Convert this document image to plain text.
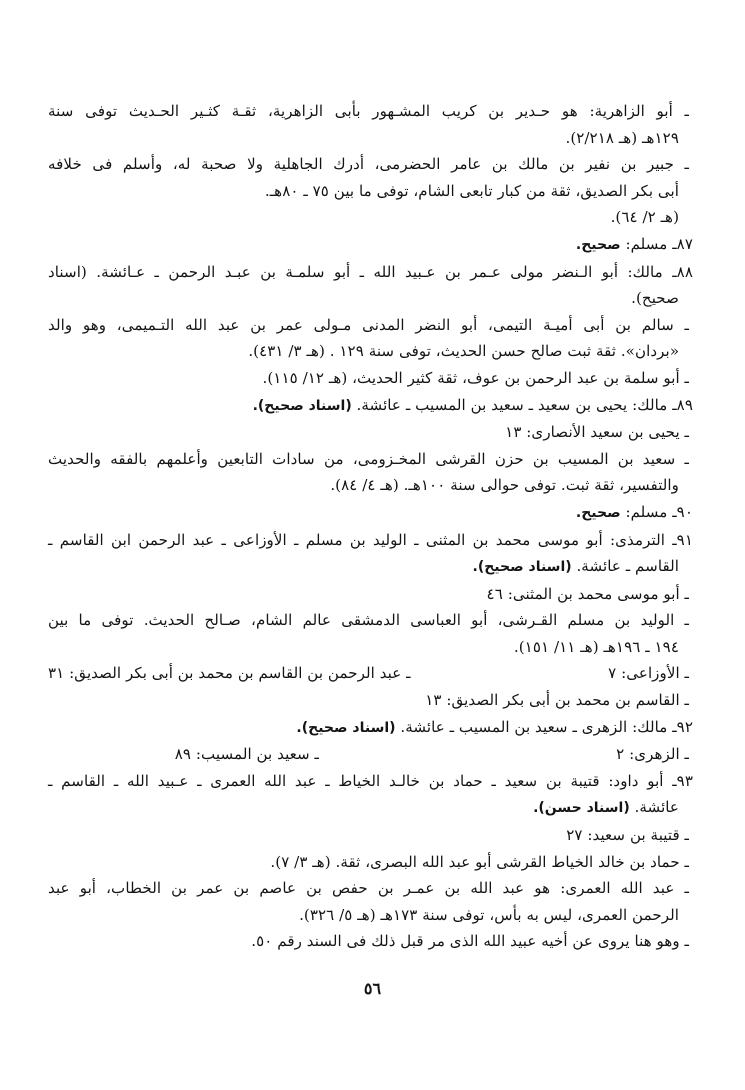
ـ أبو الزاهرية: هو حـدير بن كريب المشـهور بأبى الزاهرية، ثقـة كثـير الحـديث توفى سنة
١٢٩هـ (هـ ٢/٢١٨).
ـ جبير بن نفير بن مالك بن عامر الحضرمى، أدرك الجاهلية ولا صحبة له، وأسلم فى خلافه
أبى بكر الصديق، ثقة من كبار تابعى الشام، توفى ما بين ٧٥ ـ ٨٠هـ.
(هـ ٢/ ٦٤).
٨٧ـ مسلم: صحيح.
٨٨ـ مالك: أبو الـنضر مولى عـمر بن عـبيد الله ـ أبو سلمـة بن عبـد الرحمن ـ عـائشة. (اسناد
صحيح).
ـ سالم بن أبى أميـة التيمى، أبو النضر المدنى مـولى عمر بن عبد الله التـميمى، وهو والد
«بردان». ثقة ثبت صالح حسن الحديث، توفى سنة ١٢٩ . (هـ ٣/ ٤٣١).
ـ أبو سلمة بن عبد الرحمن بن عوف، ثقة كثير الحديث، (هـ ١٢/ ١١٥).
٨٩ـ مالك: يحيى بن سعيد ـ سعيد بن المسيب ـ عائشة. (اسناد صحيح).
ـ يحيى بن سعيد الأنصارى: ١٣
ـ سعيد بن المسيب بن حزن القرشى المخـزومى، من سادات التابعين وأعلمهم بالفقه والحديث
والتفسير، ثقة ثبت. توفى حوالى سنة ١٠٠هـ. (هـ ٤/ ٨٤).
٩٠ـ مسلم: صحيح.
٩١ـ الترمذى: أبو موسى محمد بن المثنى ـ الوليد بن مسلم ـ الأوزاعى ـ عبد الرحمن ابن القاسم ـ
القاسم ـ عائشة. (اسناد صحيح).
ـ أبو موسى محمد بن المثنى: ٤٦
ـ الوليد بن مسلم القـرشى، أبو العباسى الدمشقى عالم الشام، صـالح الحديث. توفى ما بين
١٩٤ ـ ١٩٦هـ (هـ ١١/ ١٥١).
ـ الأوزاعى: ٧
ـ عبد الرحمن بن القاسم بن محمد بن أبى بكر الصديق: ٣١
ـ القاسم بن محمد بن أبى بكر الصديق: ١٣
٩٢ـ مالك: الزهرى ـ سعيد بن المسيب ـ عائشة. (اسناد صحيح).
ـ الزهرى: ٢
ـ سعيد بن المسيب: ٨٩
٩٣ـ أبو داود: قتيبة بن سعيد ـ حماد بن خالـد الخياط ـ عبد الله العمرى ـ عـبيد الله ـ القاسم ـ
عائشة. (اسناد حسن).
ـ قتيبة بن سعيد: ٢٧
ـ حماد بن خالد الخياط القرشى أبو عبد الله البصرى، ثقة. (هـ ٣/ ٧).
ـ عبد الله العمرى: هو عبد الله بن عمـر بن حفص بن عاصم بن عمر بن الخطاب، أبو عبد
الرحمن العمرى، ليس به بأس، توفى سنة ١٧٣هـ (هـ ٥/ ٣٢٦).
ـ وهو هنا يروى عن أخيه عبيد الله الذى مر قبل ذلك فى السند رقم ٥٠.
٥٦
